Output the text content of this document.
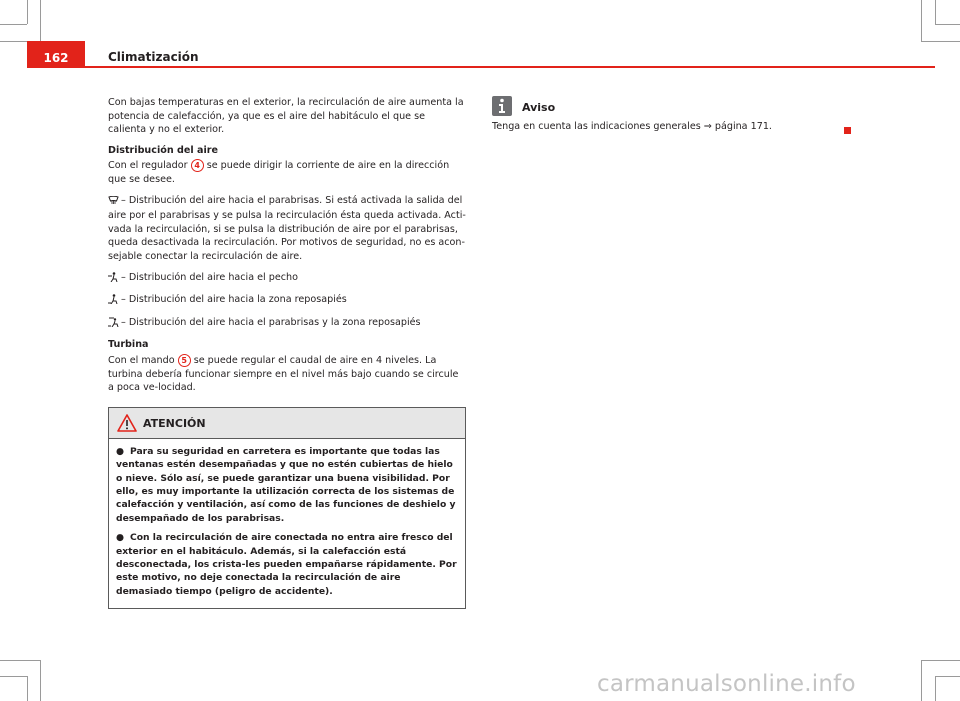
162	Climatización

Con bajas temperaturas en el exterior, la recirculación de aire aumenta la potencia de calefacción, ya que es el aire del habitáculo el que se calienta y no el exterior.

Distribución del aire

Con el regulador 4 se puede dirigir la corriente de aire en la dirección que se desee.

– Distribución del aire hacia el parabrisas. Si está activada la salida del aire por el parabrisas y se pulsa la recirculación ésta queda activada. Acti-vada la recirculación, si se pulsa la distribución de aire por el parabrisas, queda desactivada la recirculación. Por motivos de seguridad, no es acon-sejable conectar la recirculación de aire.

– Distribución del aire hacia el pecho

– Distribución del aire hacia la zona reposapiés

– Distribución del aire hacia el parabrisas y la zona reposapiés

Turbina

Con el mando 5 se puede regular el caudal de aire en 4 niveles. La turbina debería funcionar siempre en el nivel más bajo cuando se circule a poca ve-locidad.

ATENCIÓN

● Para su seguridad en carretera es importante que todas las ventanas estén desempañadas y que no estén cubiertas de hielo o nieve. Sólo así, se puede garantizar una buena visibilidad. Por ello, es muy importante la utilización correcta de los sistemas de calefacción y ventilación, así como de las funciones de deshielo y desempañado de los parabrisas.

● Con la recirculación de aire conectada no entra aire fresco del exterior en el habitáculo. Además, si la calefacción está desconectada, los crista-les pueden empañarse rápidamente. Por este motivo, no deje conectada la recirculación de aire demasiado tiempo (peligro de accidente).

Aviso

Tenga en cuenta las indicaciones generales ⇒ página 171.

carmanualsonline.info
